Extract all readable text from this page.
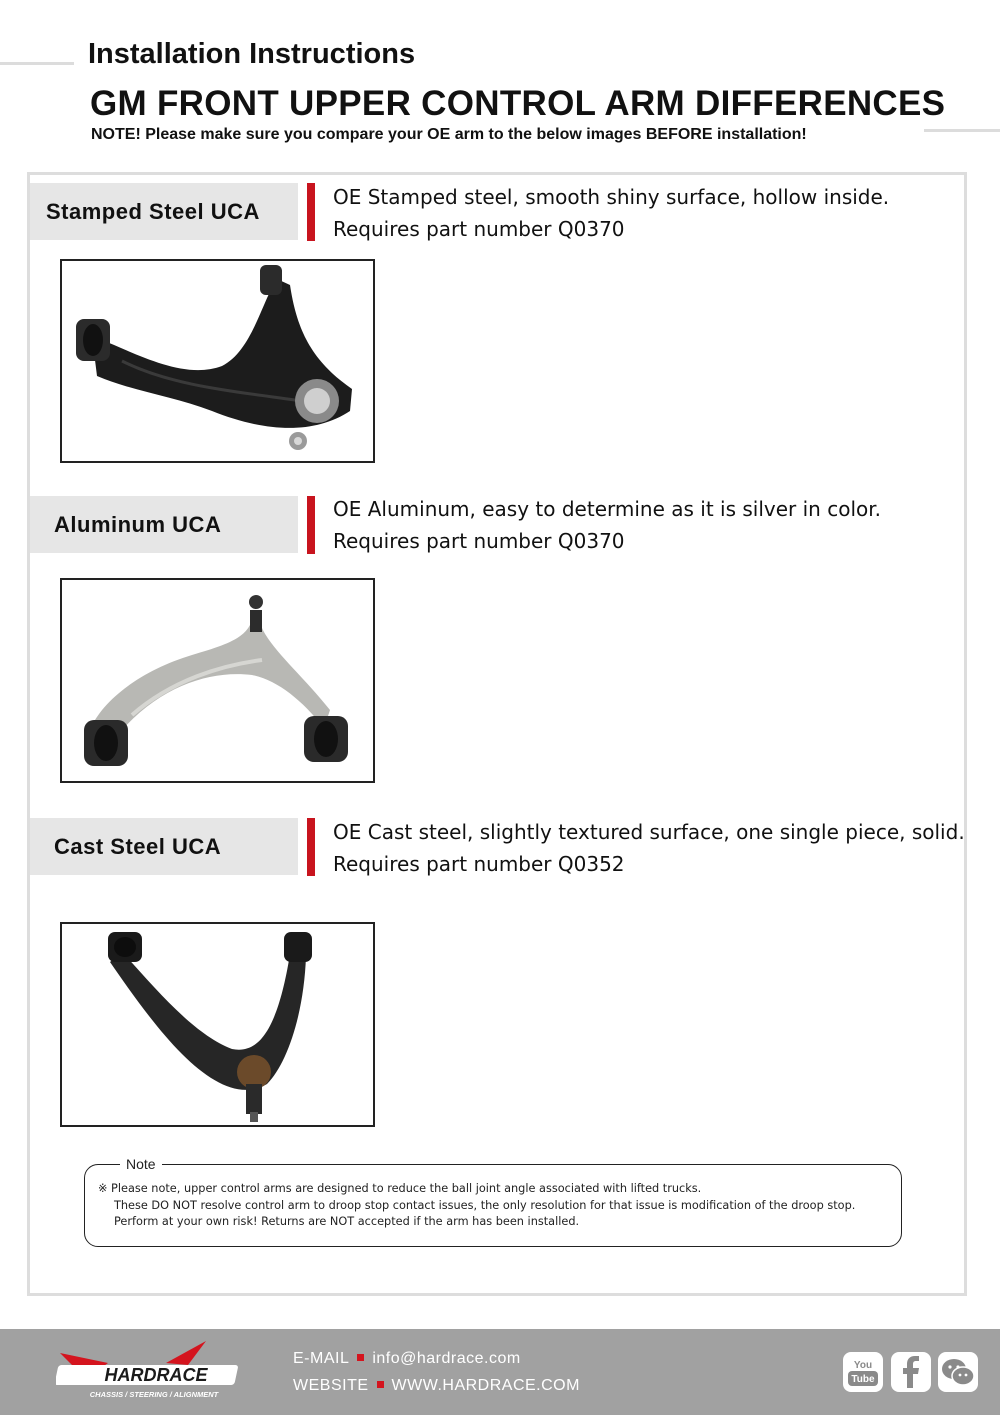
Installation Instructions
GM FRONT UPPER CONTROL ARM DIFFERENCES
NOTE! Please make sure you compare your OE arm to the below images BEFORE installation!
Stamped Steel UCA
OE Stamped steel, smooth shiny surface, hollow inside.
Requires part number Q0370
Aluminum UCA
OE Aluminum, easy to determine as it is silver in color.
Requires part number Q0370
Cast Steel UCA
OE Cast steel, slightly textured surface, one single piece, solid.
Requires part number Q0352
Note
※ Please note, upper control arms are designed to reduce the ball joint angle associated with lifted trucks.
These DO NOT resolve control arm to droop stop contact issues, the only resolution for that issue is modification of the droop stop.
Perform at your own risk! Returns are NOT accepted if the arm has been installed.
HARDRACE
CHASSIS / STEERING / ALIGNMENT
E-MAIL info@hardrace.com
WEBSITE WWW.HARDRACE.COM
You
Tube
